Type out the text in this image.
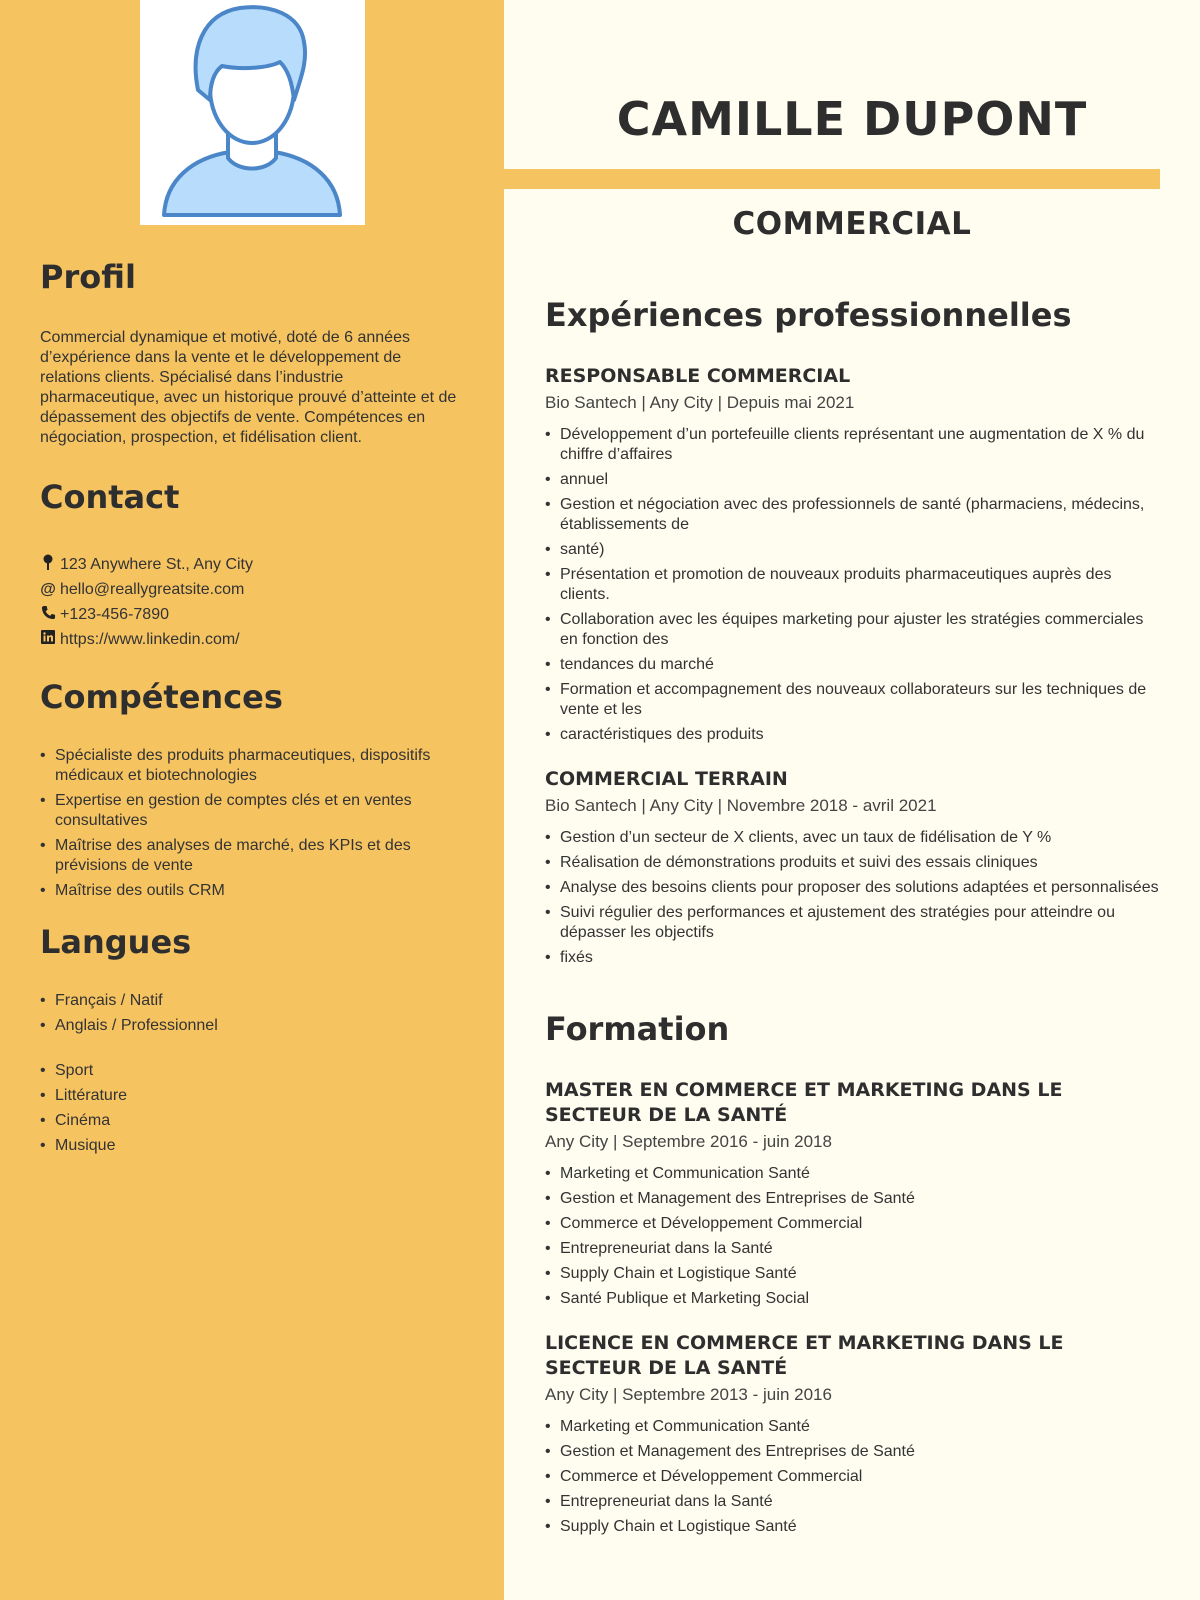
Profil

Commercial dynamique et motivé, doté de 6 années d’expérience dans la vente et le développement de relations clients. Spécialisé dans l’industrie pharmaceutique, avec un historique prouvé d’atteinte et de dépassement des objectifs de vente. Compétences en négociation, prospection, et fidélisation client.

Contact
123 Anywhere St., Any City
@ hello@reallygreatsite.com
+123-456-7890
https://www.linkedin.com/
Compétences
• Spécialiste des produits pharmaceutiques, dispositifs médicaux et biotechnologies
• Expertise en gestion de comptes clés et en ventes consultatives
• Maîtrise des analyses de marché, des KPIs et des prévisions de vente
• Maîtrise des outils CRM
Langues
• Français / Natif
• Anglais / Professionnel
• Sport
• Littérature
• Cinéma
• Musique
CAMILLE DUPONT
COMMERCIAL
Expériences professionnelles
RESPONSABLE COMMERCIAL

Bio Santech | Any City | Depuis mai 2021

• Développement d’un portefeuille clients représentant une augmentation de X % du chiffre d’affaires
• annuel
• Gestion et négociation avec des professionnels de santé (pharmaciens, médecins, établissements de
• santé)
• Présentation et promotion de nouveaux produits pharmaceutiques auprès des clients.
• Collaboration avec les équipes marketing pour ajuster les stratégies commerciales en fonction des
• tendances du marché
• Formation et accompagnement des nouveaux collaborateurs sur les techniques de vente et les
• caractéristiques des produits
COMMERCIAL TERRAIN

Bio Santech | Any City | Novembre 2018 - avril 2021

• Gestion d’un secteur de X clients, avec un taux de fidélisation de Y %
• Réalisation de démonstrations produits et suivi des essais cliniques
• Analyse des besoins clients pour proposer des solutions adaptées et personnalisées
• Suivi régulier des performances et ajustement des stratégies pour atteindre ou dépasser les objectifs
• fixés
Formation
MASTER EN COMMERCE ET MARKETING DANS LE SECTEUR DE LA SANTÉ

Any City | Septembre 2016 - juin 2018

• Marketing et Communication Santé
• Gestion et Management des Entreprises de Santé
• Commerce et Développement Commercial
• Entrepreneuriat dans la Santé
• Supply Chain et Logistique Santé
• Santé Publique et Marketing Social
LICENCE EN COMMERCE ET MARKETING DANS LE SECTEUR DE LA SANTÉ

Any City | Septembre 2013 - juin 2016

• Marketing et Communication Santé
• Gestion et Management des Entreprises de Santé
• Commerce et Développement Commercial
• Entrepreneuriat dans la Santé
• Supply Chain et Logistique Santé
